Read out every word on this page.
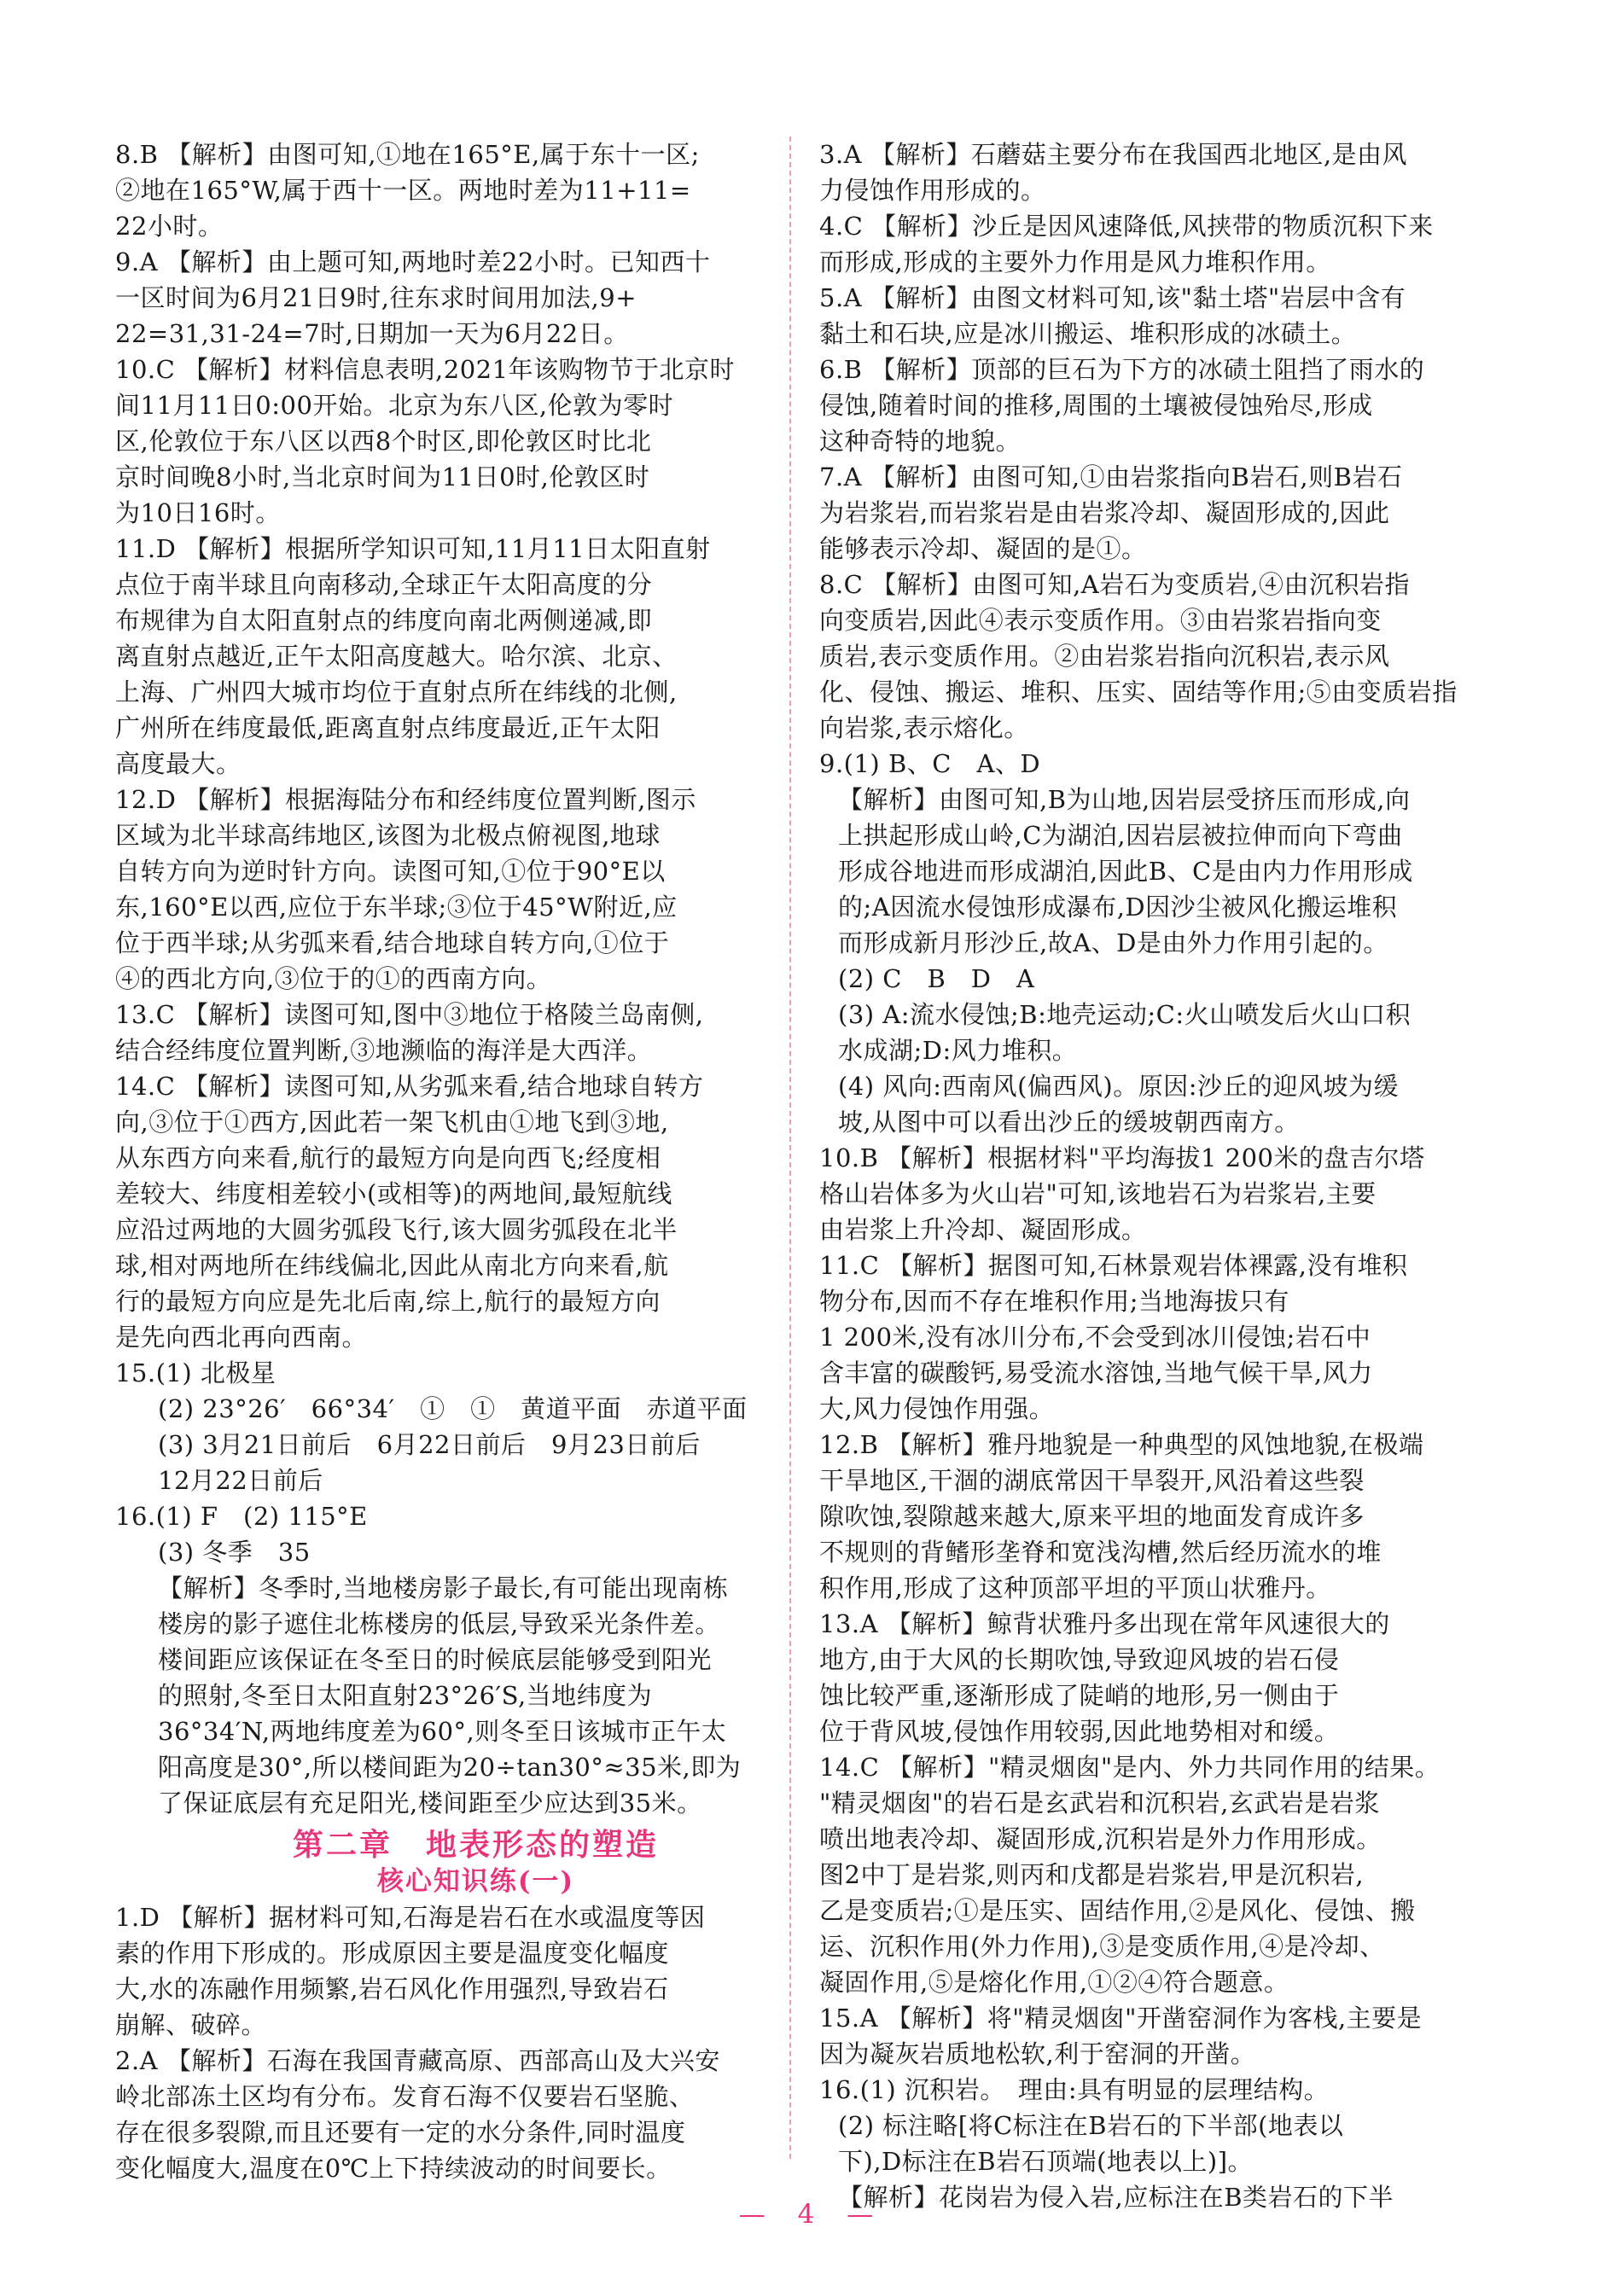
8.B 【解析】由图可知,①地在165°E,属于东十一区;
②地在165°W,属于西十一区。两地时差为11+11=
22小时。
9.A 【解析】由上题可知,两地时差22小时。已知西十
一区时间为6月21日9时,往东求时间用加法,9+
22=31,31-24=7时,日期加一天为6月22日。
10.C 【解析】材料信息表明,2021年该购物节于北京时
间11月11日0:00开始。北京为东八区,伦敦为零时
区,伦敦位于东八区以西8个时区,即伦敦区时比北
京时间晚8小时,当北京时间为11日0时,伦敦区时
为10日16时。
11.D 【解析】根据所学知识可知,11月11日太阳直射
点位于南半球且向南移动,全球正午太阳高度的分
布规律为自太阳直射点的纬度向南北两侧递减,即
离直射点越近,正午太阳高度越大。哈尔滨、北京、
上海、广州四大城市均位于直射点所在纬线的北侧,
广州所在纬度最低,距离直射点纬度最近,正午太阳
高度最大。
12.D 【解析】根据海陆分布和经纬度位置判断,图示
区域为北半球高纬地区,该图为北极点俯视图,地球
自转方向为逆时针方向。读图可知,①位于90°E以
东,160°E以西,应位于东半球;③位于45°W附近,应
位于西半球;从劣弧来看,结合地球自转方向,①位于
④的西北方向,③位于的①的西南方向。
13.C 【解析】读图可知,图中③地位于格陵兰岛南侧,
结合经纬度位置判断,③地濒临的海洋是大西洋。
14.C 【解析】读图可知,从劣弧来看,结合地球自转方
向,③位于①西方,因此若一架飞机由①地飞到③地,
从东西方向来看,航行的最短方向是向西飞;经度相
差较大、纬度相差较小(或相等)的两地间,最短航线
应沿过两地的大圆劣弧段飞行,该大圆劣弧段在北半
球,相对两地所在纬线偏北,因此从南北方向来看,航
行的最短方向应是先北后南,综上,航行的最短方向
是先向西北再向西南。
15.(1) 北极星
(2) 23°26′　66°34′　①　①　黄道平面　赤道平面
(3) 3月21日前后　6月22日前后　9月23日前后
12月22日前后
16.(1) F　(2) 115°E
(3) 冬季　35
【解析】冬季时,当地楼房影子最长,有可能出现南栋
楼房的影子遮住北栋楼房的低层,导致采光条件差。
楼间距应该保证在冬至日的时候底层能够受到阳光
的照射,冬至日太阳直射23°26′S,当地纬度为
36°34′N,两地纬度差为60°,则冬至日该城市正午太
阳高度是30°,所以楼间距为20÷tan30°≈35米,即为
了保证底层有充足阳光,楼间距至少应达到35米。
第二章　地表形态的塑造
核心知识练(一)
1.D 【解析】据材料可知,石海是岩石在水或温度等因
素的作用下形成的。形成原因主要是温度变化幅度
大,水的冻融作用频繁,岩石风化作用强烈,导致岩石
崩解、破碎。
2.A 【解析】石海在我国青藏高原、西部高山及大兴安
岭北部冻土区均有分布。发育石海不仅要岩石坚脆、
存在很多裂隙,而且还要有一定的水分条件,同时温度
变化幅度大,温度在0℃上下持续波动的时间要长。
3.A 【解析】石蘑菇主要分布在我国西北地区,是由风
力侵蚀作用形成的。
4.C 【解析】沙丘是因风速降低,风挟带的物质沉积下来
而形成,形成的主要外力作用是风力堆积作用。
5.A 【解析】由图文材料可知,该"黏土塔"岩层中含有
黏土和石块,应是冰川搬运、堆积形成的冰碛土。
6.B 【解析】顶部的巨石为下方的冰碛土阻挡了雨水的
侵蚀,随着时间的推移,周围的土壤被侵蚀殆尽,形成
这种奇特的地貌。
7.A 【解析】由图可知,①由岩浆指向B岩石,则B岩石
为岩浆岩,而岩浆岩是由岩浆冷却、凝固形成的,因此
能够表示冷却、凝固的是①。
8.C 【解析】由图可知,A岩石为变质岩,④由沉积岩指
向变质岩,因此④表示变质作用。③由岩浆岩指向变
质岩,表示变质作用。②由岩浆岩指向沉积岩,表示风
化、侵蚀、搬运、堆积、压实、固结等作用;⑤由变质岩指
向岩浆,表示熔化。
9.(1) B、C　A、D
【解析】由图可知,B为山地,因岩层受挤压而形成,向
上拱起形成山岭,C为湖泊,因岩层被拉伸而向下弯曲
形成谷地进而形成湖泊,因此B、C是由内力作用形成
的;A因流水侵蚀形成瀑布,D因沙尘被风化搬运堆积
而形成新月形沙丘,故A、D是由外力作用引起的。
(2) C　B　D　A
(3) A:流水侵蚀;B:地壳运动;C:火山喷发后火山口积
水成湖;D:风力堆积。
(4) 风向:西南风(偏西风)。原因:沙丘的迎风坡为缓
坡,从图中可以看出沙丘的缓坡朝西南方。
10.B 【解析】根据材料"平均海拔1 200米的盘吉尔塔
格山岩体多为火山岩"可知,该地岩石为岩浆岩,主要
由岩浆上升冷却、凝固形成。
11.C 【解析】据图可知,石林景观岩体裸露,没有堆积
物分布,因而不存在堆积作用;当地海拔只有
1 200米,没有冰川分布,不会受到冰川侵蚀;岩石中
含丰富的碳酸钙,易受流水溶蚀,当地气候干旱,风力
大,风力侵蚀作用强。
12.B 【解析】雅丹地貌是一种典型的风蚀地貌,在极端
干旱地区,干涸的湖底常因干旱裂开,风沿着这些裂
隙吹蚀,裂隙越来越大,原来平坦的地面发育成许多
不规则的背鳍形垄脊和宽浅沟槽,然后经历流水的堆
积作用,形成了这种顶部平坦的平顶山状雅丹。
13.A 【解析】鲸背状雅丹多出现在常年风速很大的
地方,由于大风的长期吹蚀,导致迎风坡的岩石侵
蚀比较严重,逐渐形成了陡峭的地形,另一侧由于
位于背风坡,侵蚀作用较弱,因此地势相对和缓。
14.C 【解析】"精灵烟囱"是内、外力共同作用的结果。
"精灵烟囱"的岩石是玄武岩和沉积岩,玄武岩是岩浆
喷出地表冷却、凝固形成,沉积岩是外力作用形成。
图2中丁是岩浆,则丙和戊都是岩浆岩,甲是沉积岩,
乙是变质岩;①是压实、固结作用,②是风化、侵蚀、搬
运、沉积作用(外力作用),③是变质作用,④是冷却、
凝固作用,⑤是熔化作用,①②④符合题意。
15.A 【解析】将"精灵烟囱"开凿窑洞作为客栈,主要是
因为凝灰岩质地松软,利于窑洞的开凿。
16.(1) 沉积岩。　理由:具有明显的层理结构。
(2) 标注略[将C标注在B岩石的下半部(地表以
下),D标注在B岩石顶端(地表以上)]。
【解析】花岗岩为侵入岩,应标注在B类岩石的下半
— 4 —
